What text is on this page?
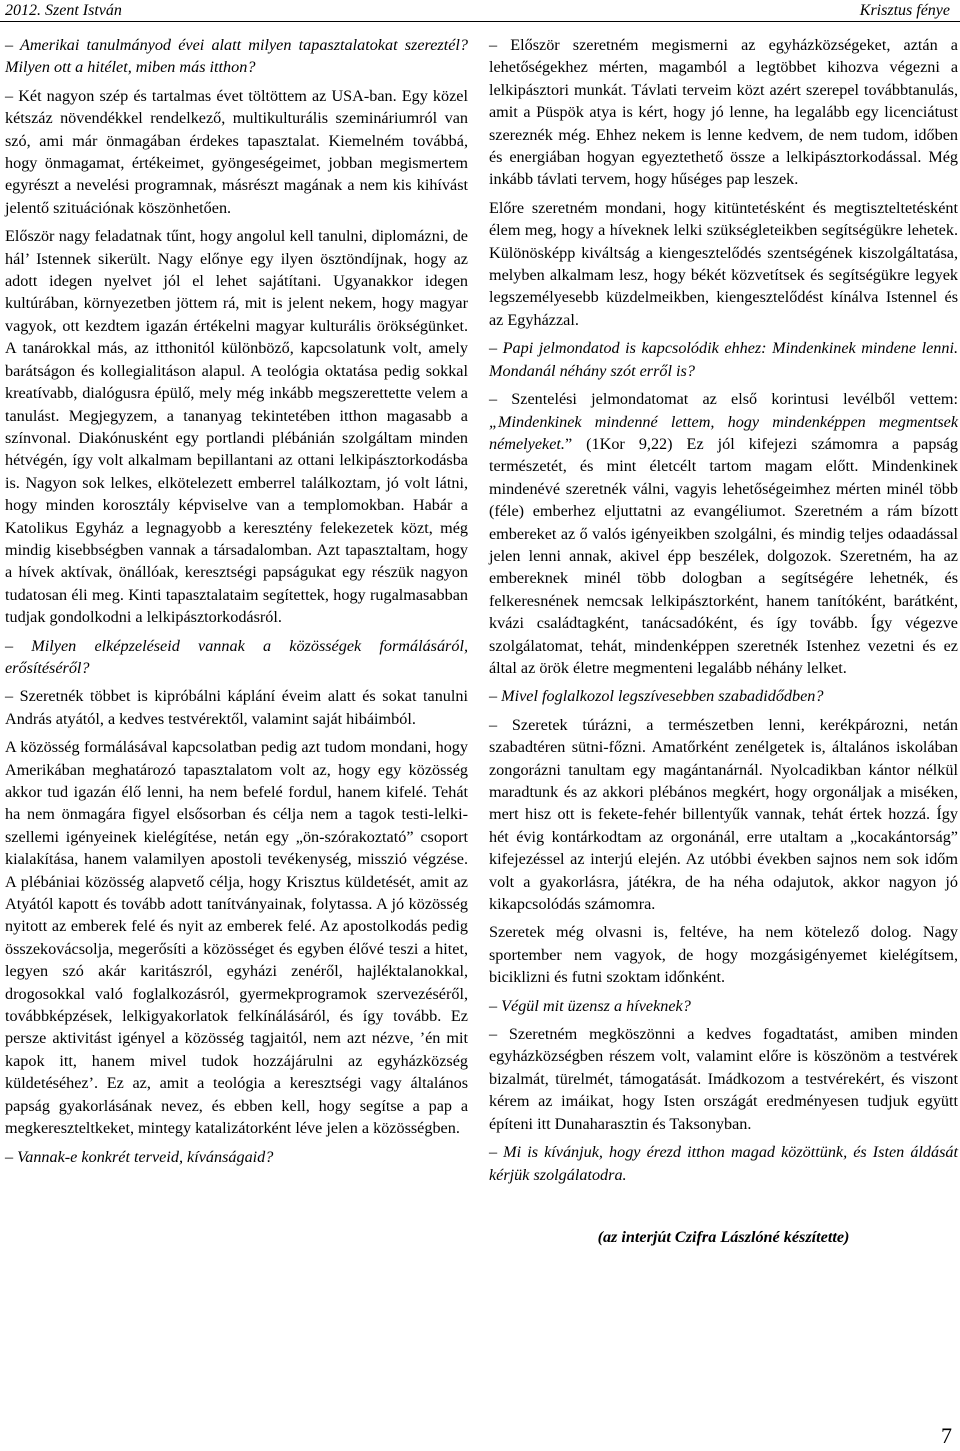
2012. Szent István	Krisztus fénye

– Amerikai tanulmányod évei alatt milyen tapasztalatokat szereztél? Milyen ott a hitélet, miben más itthon?

– Két nagyon szép és tartalmas évet töltöttem az USA-ban. Egy közel kétszáz növendékkel rendelkező, multikulturális szemináriumról van szó, ami már önmagában érdekes tapasztalat. Kiemelném továbbá, hogy önmagamat, értékeimet, gyöngeségeimet, jobban megismertem egyrészt a nevelési programnak, másrészt magának a nem kis kihívást jelentő szituációnak köszönhetően.

Először nagy feladatnak tűnt, hogy angolul kell tanulni, diplomázni, de hál’ Istennek sikerült. Nagy előnye egy ilyen ösztöndíjnak, hogy az adott idegen nyelvet jól el lehet sajátítani. Ugyanakkor idegen kultúrában, környezetben jöttem rá, mit is jelent nekem, hogy magyar vagyok, ott kezdtem igazán értékelni magyar kulturális örökségünket. A tanárokkal más, az itthonitól különböző, kapcsolatunk volt, amely barátságon és kollegialitáson alapul. A teológia oktatása pedig sokkal kreatívabb, dialógusra épülő, mely még inkább megszerettette velem a tanulást. Megjegyzem, a tananyag tekintetében itthon magasabb a színvonal. Diakónusként egy portlandi plébánián szolgáltam minden hétvégén, így volt alkalmam bepillantani az ottani lelkipásztorkodásba is. Nagyon sok lelkes, elkötelezett emberrel találkoztam, jó volt látni, hogy minden korosztály képviselve van a templomokban. Habár a Katolikus Egyház a legnagyobb a keresztény felekezetek közt, még mindig kisebbségben vannak a társadalomban. Azt tapasztaltam, hogy a hívek aktívak, önállóak, keresztségi papságukat egy részük nagyon tudatosan éli meg. Kinti tapasztalataim segítettek, hogy rugalmasabban tudjak gondolkodni a lelkipásztorkodásról.

– Milyen elképzeléseid vannak a közösségek formálásáról, erősítéséről?

– Szeretnék többet is kipróbálni káplání éveim alatt és sokat tanulni András atyától, a kedves testvérektől, valamint saját hibáimból.

A közösség formálásával kapcsolatban pedig azt tudom mondani, hogy Amerikában meghatározó tapasztalatom volt az, hogy egy közösség akkor tud igazán élő lenni, ha nem befelé fordul, hanem kifelé. Tehát ha nem önmagára figyel elsősorban és célja nem a tagok testi-lelki-szellemi igényeinek kielégítése, netán egy „ön-szórakoztató” csoport kialakítása, hanem valamilyen apostoli tevékenység, misszió végzése. A plébániai közösség alapvető célja, hogy Krisztus küldetését, amit az Atyától kapott és tovább adott tanítványainak, folytassa. A jó közösség nyitott az emberek felé és nyit az emberek felé. Az apostolkodás pedig összekovácsolja, megerősíti a közösséget és egyben élővé teszi a hitet, legyen szó akár karitászról, egyházi zenéről, hajléktalanokkal, drogosokkal való foglalkozásról, gyermekprogramok szervezéséről, továbbképzések, lelkigyakorlatok felkínálásáról, és így tovább. Ez persze aktivitást igényel a közösség tagjaitól, nem azt nézve, ’én mit kapok itt, hanem mivel tudok hozzájárulni az egyházközség küldetéséhez’. Ez az, amit a teológia a keresztségi vagy általános papság gyakorlásának nevez, és ebben kell, hogy segítse a pap a megkereszteltkeket, mintegy katalizátorként léve jelen a közösségben.

– Vannak-e konkrét terveid, kívánságaid?

– Először szeretném megismerni az egyházközségeket, aztán a lehetőségekhez mérten, magamból a legtöbbet kihozva végezni a lelkipásztori munkát. Távlati terveim közt azért szerepel továbbtanulás, amit a Püspök atya is kért, hogy jó lenne, ha legalább egy licenciátust szereznék még. Ehhez nekem is lenne kedvem, de nem tudom, időben és energiában hogyan egyeztethető össze a lelkipásztorkodással. Még inkább távlati tervem, hogy hűséges pap leszek.

Előre szeretném mondani, hogy kitüntetésként és megtiszteltetésként élem meg, hogy a híveknek lelki szükségleteikben segítségükre lehetek. Különösképp kiváltság a kiengesztelődés szentségének kiszolgáltatása, melyben alkalmam lesz, hogy békét közvetítsek és segítségükre legyek legszemélyesebb küzdelmeikben, kiengesztelődést kínálva Istennel és az Egyházzal.

– Papi jelmondatod is kapcsolódik ehhez: Mindenkinek mindene lenni. Mondanál néhány szót erről is?

– Szentelési jelmondatomat az első korintusi levélből vettem: „Mindenkinek mindenné lettem, hogy mindenképpen megmentsek némelyeket.” (1Kor 9,22) Ez jól kifejezi számomra a papság természetét, és mint életcélt tartom magam előtt. Mindenkinek mindenévé szeretnék válni, vagyis lehetőségeimhez mérten minél több (féle) emberhez eljuttatni az evangéliumot. Szeretném a rám bízott embereket az ő valós igényeikben szolgálni, és mindig teljes odaadással jelen lenni annak, akivel épp beszélek, dolgozok. Szeretném, ha az embereknek minél több dologban a segítségére lehetnék, és felkeresnének nemcsak lelkipásztorként, hanem tanítóként, barátként, kvázi családtagként, tanácsadóként, és így tovább. Így végezve szolgálatomat, tehát, mindenképpen szeretnék Istenhez vezetni és ez által az örök életre megmenteni legalább néhány lelket.

– Mivel foglalkozol legszívesebben szabadidődben?

– Szeretek túrázni, a természetben lenni, kerékpározni, netán szabadtéren sütni-főzni. Amatőrként zenélgetek is, általános iskolában zongorázni tanultam egy magántanárnál. Nyolcadikban kántor nélkül maradtunk és az akkori plébános megkért, hogy orgonáljak a miséken, mert hisz ott is fekete-fehér billentyűk vannak, tehát értek hozzá. Így hét évig kontárkodtam az orgonánál, erre utaltam a „kocakántorság” kifejezéssel az interjú elején. Az utóbbi években sajnos nem sok időm volt a gyakorlásra, játékra, de ha néha odajutok, akkor nagyon jó kikapcsolódás számomra.

Szeretek még olvasni is, feltéve, ha nem kötelező dolog. Nagy sportember nem vagyok, de hogy mozgásigényemet kielégítsem, biciklizni és futni szoktam időnként.

– Végül mit üzensz a híveknek?

– Szeretném megköszönni a kedves fogadtatást, amiben minden egyházközségben részem volt, valamint előre is köszönöm a testvérek bizalmát, türelmét, támogatását. Imádkozom a testvérekért, és viszont kérem az imáikat, hogy Isten országát eredményesen tudjuk együtt építeni itt Dunaharasztin és Taksonyban.

– Mi is kívánjuk, hogy érezd itthon magad közöttünk, és Isten áldását kérjük szolgálatodra.

(az interjút Czifra Lászlóné készítette)

7
